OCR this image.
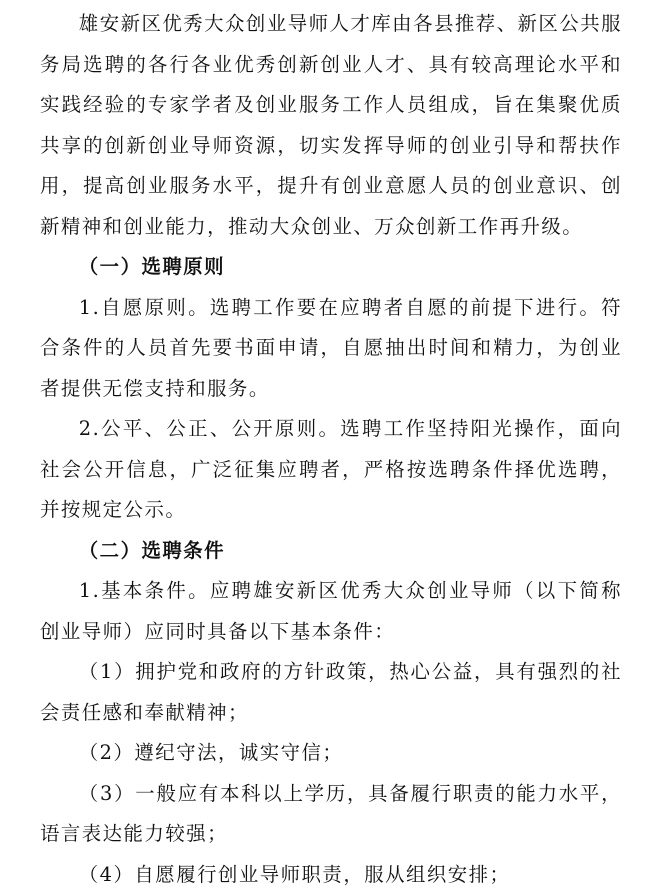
雄安新区优秀大众创业导师人才库由各县推荐、新区公共服务局选聘的各行各业优秀创新创业人才、具有较高理论水平和实践经验的专家学者及创业服务工作人员组成，旨在集聚优质共享的创新创业导师资源，切实发挥导师的创业引导和帮扶作用，提高创业服务水平，提升有创业意愿人员的创业意识、创新精神和创业能力，推动大众创业、万众创新工作再升级。

（一）选聘原则

1.自愿原则。选聘工作要在应聘者自愿的前提下进行。符合条件的人员首先要书面申请，自愿抽出时间和精力，为创业者提供无偿支持和服务。

2.公平、公正、公开原则。选聘工作坚持阳光操作，面向社会公开信息，广泛征集应聘者，严格按选聘条件择优选聘，并按规定公示。

（二）选聘条件

1.基本条件。应聘雄安新区优秀大众创业导师（以下简称创业导师）应同时具备以下基本条件：

（1）拥护党和政府的方针政策，热心公益，具有强烈的社会责任感和奉献精神；

（2）遵纪守法，诚实守信；

（3）一般应有本科以上学历，具备履行职责的能力水平，语言表达能力较强；

（4）自愿履行创业导师职责，服从组织安排；
